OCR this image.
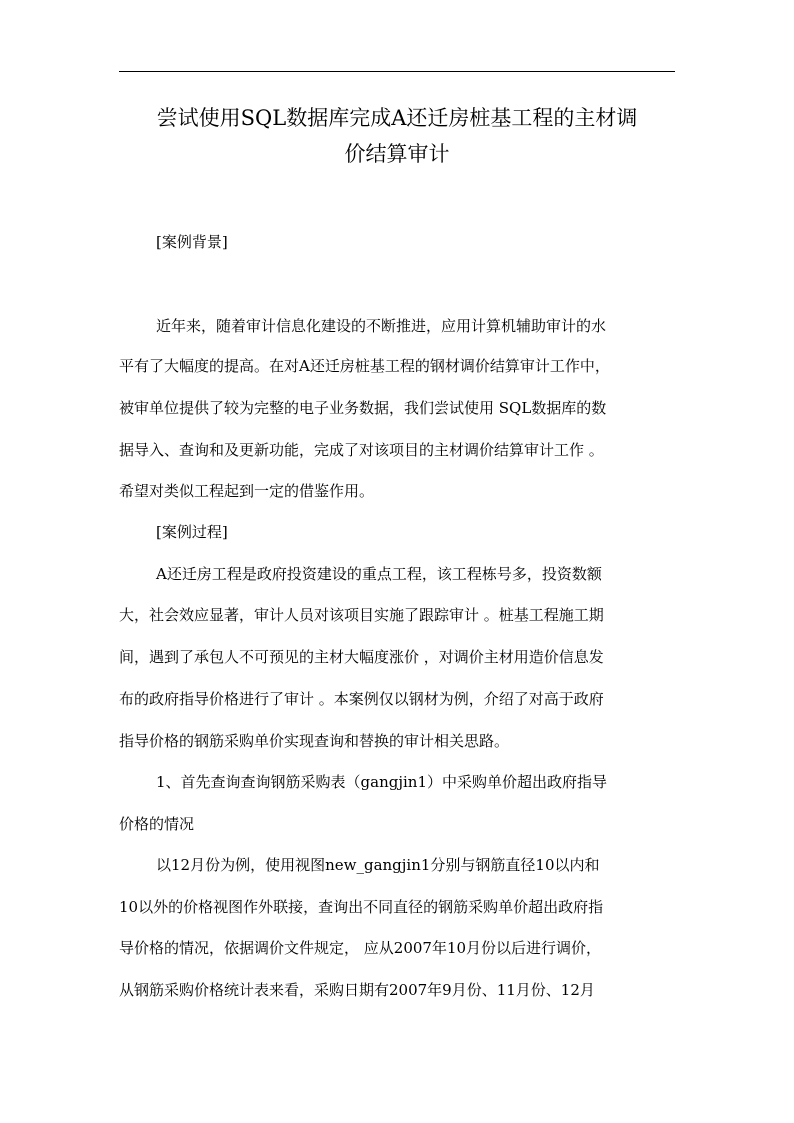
尝试使用SQL数据库完成A还迁房桩基工程的主材调
价结算审计

[案例背景]

近年来，随着审计信息化建设的不断推进，应用计算机辅助审计的水

平有了大幅度的提高。在对A还迁房桩基工程的钢材调价结算审计工作中，

被审单位提供了较为完整的电子业务数据，我们尝试使用 SQL数据库的数

据导入、查询和及更新功能，完成了对该项目的主材调价结算审计工作 。

希望对类似工程起到一定的借鉴作用。

[案例过程]

A还迁房工程是政府投资建设的重点工程，该工程栋号多，投资数额

大，社会效应显著，审计人员对该项目实施了跟踪审计 。桩基工程施工期

间，遇到了承包人不可预见的主材大幅度涨价 ，对调价主材用造价信息发

布的政府指导价格进行了审计 。本案例仅以钢材为例，介绍了对高于政府

指导价格的钢筋采购单价实现查询和替换的审计相关思路。

1、首先查询查询钢筋采购表（gangjin1）中采购单价超出政府指导

价格的情况

以12月份为例，使用视图new_gangjin1分别与钢筋直径10以内和

10以外的价格视图作外联接，查询出不同直径的钢筋采购单价超出政府指

导价格的情况，依据调价文件规定， 应从2007年10月份以后进行调价，

从钢筋采购价格统计表来看，采购日期有2007年9月份、11月份、12月
